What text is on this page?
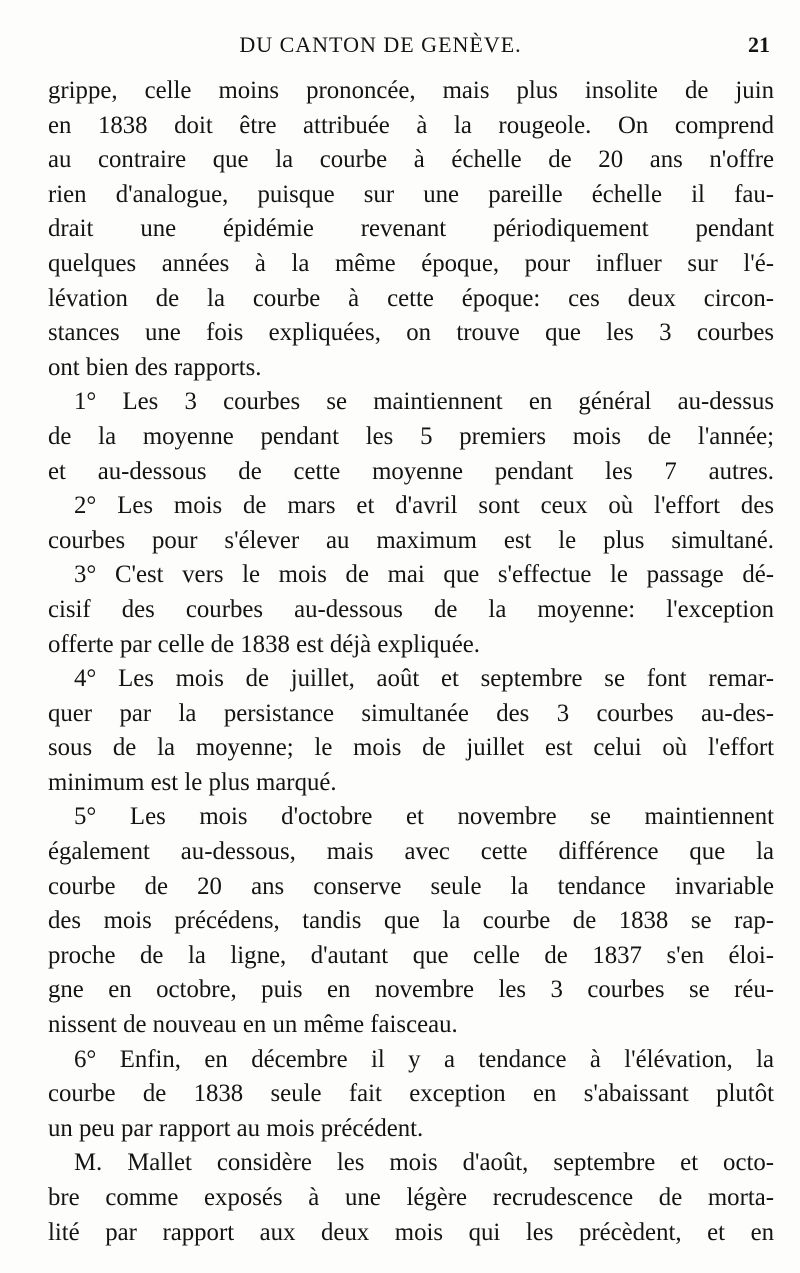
DU CANTON DE GENÈVE.	21
grippe, celle moins prononcée, mais plus insolite de juin
en 1838 doit être attribuée à la rougeole. On comprend
au contraire que la courbe à échelle de 20 ans n'offre
rien d'analogue, puisque sur une pareille échelle il fau-
drait une épidémie revenant périodiquement pendant
quelques années à la même époque, pour influer sur l'é-
lévation de la courbe à cette époque: ces deux circon-
stances une fois expliquées, on trouve que les 3 courbes
ont bien des rapports.
1° Les 3 courbes se maintiennent en général au-dessus
de la moyenne pendant les 5 premiers mois de l'année;
et au-dessous de cette moyenne pendant les 7 autres.
2° Les mois de mars et d'avril sont ceux où l'effort des
courbes pour s'élever au maximum est le plus simultané.
3° C'est vers le mois de mai que s'effectue le passage dé-
cisif des courbes au-dessous de la moyenne: l'exception
offerte par celle de 1838 est déjà expliquée.
4° Les mois de juillet, août et septembre se font remar-
quer par la persistance simultanée des 3 courbes au-des-
sous de la moyenne; le mois de juillet est celui où l'effort
minimum est le plus marqué.
5° Les mois d'octobre et novembre se maintiennent
également au-dessous, mais avec cette différence que la
courbe de 20 ans conserve seule la tendance invariable
des mois précédens, tandis que la courbe de 1838 se rap-
proche de la ligne, d'autant que celle de 1837 s'en éloi-
gne en octobre, puis en novembre les 3 courbes se réu-
nissent de nouveau en un même faisceau.
6° Enfin, en décembre il y a tendance à l'élévation, la
courbe de 1838 seule fait exception en s'abaissant plutôt
un peu par rapport au mois précédent.
M. Mallet considère les mois d'août, septembre et octo-
bre comme exposés à une légère recrudescence de morta-
lité par rapport aux deux mois qui les précèdent, et en
